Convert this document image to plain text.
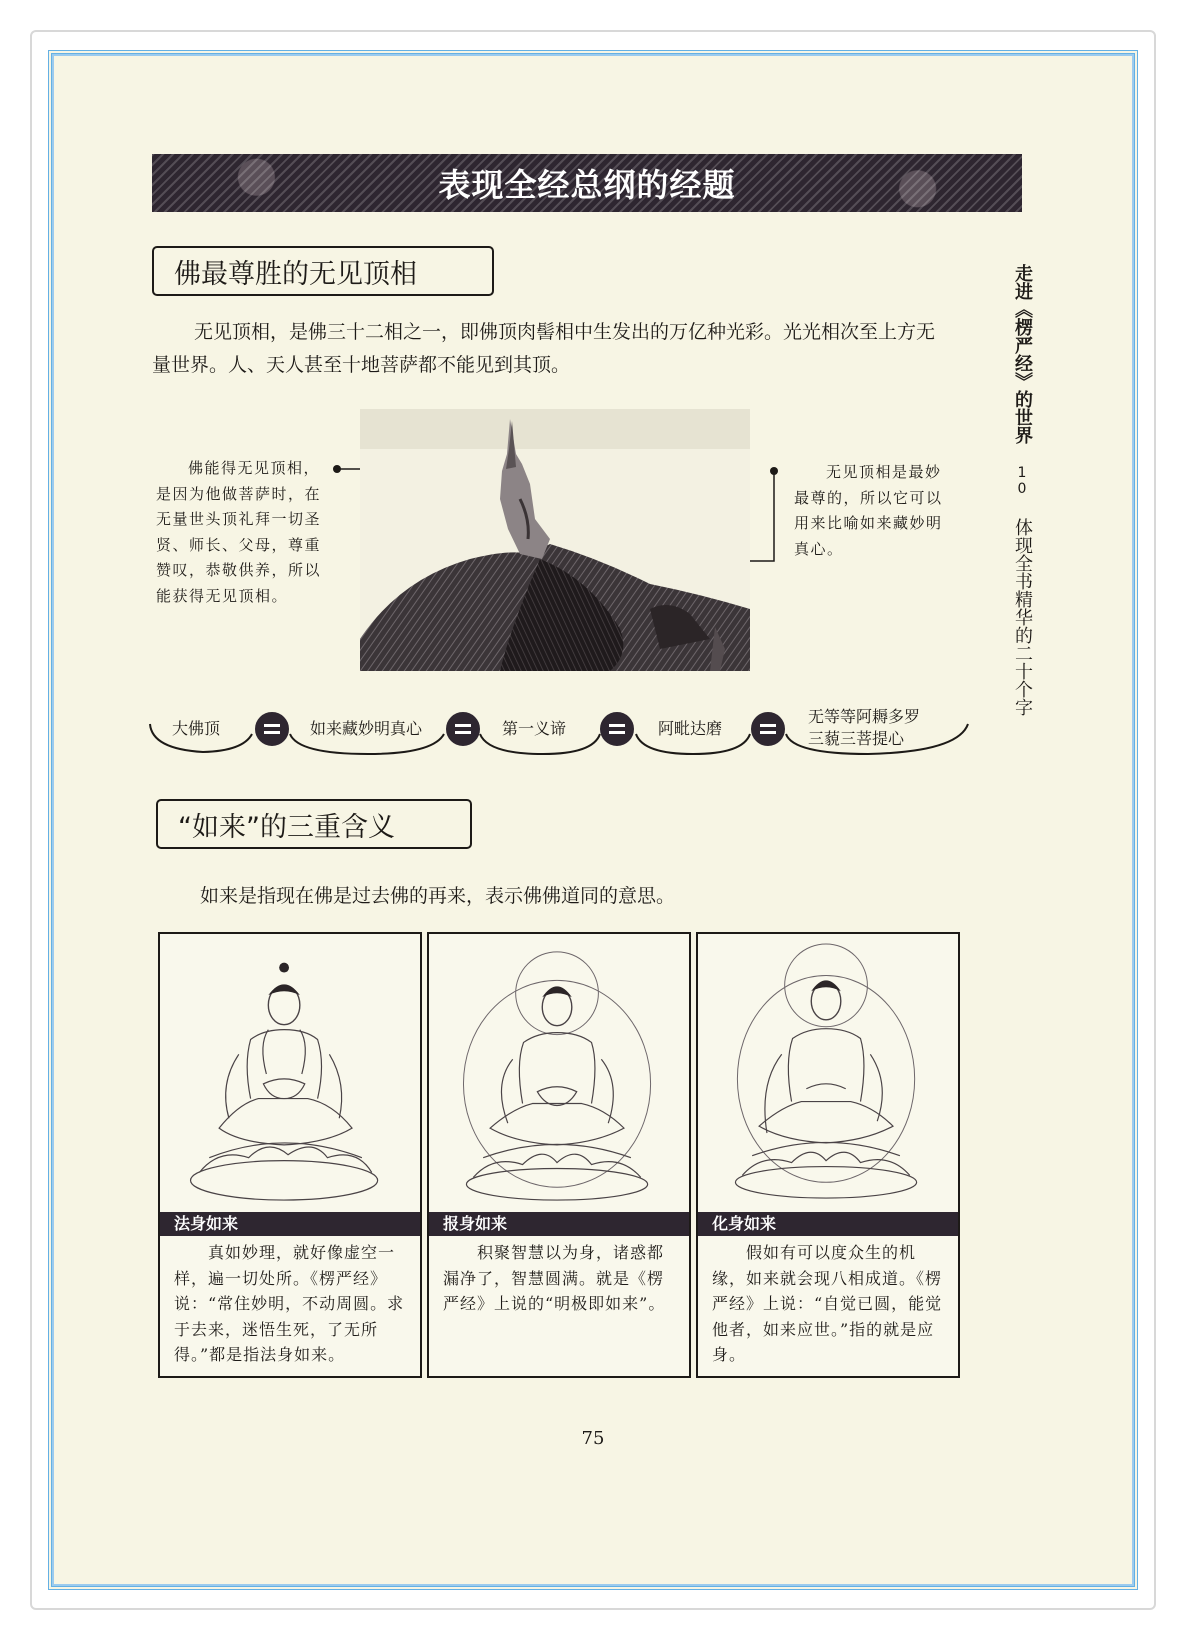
表现全经总纲的经题
佛最尊胜的无见顶相
无见顶相，是佛三十二相之一，即佛顶肉髻相中生发出的万亿种光彩。光光相次至上方无量世界。人、天人甚至十地菩萨都不能见到其顶。
佛能得无见顶相，是因为他做菩萨时，在无量世头顶礼拜一切圣贤、师长、父母，尊重赞叹，恭敬供养，所以能获得无见顶相。
无见顶相是最妙最尊的，所以它可以用来比喻如来藏妙明真心。
走进《楞严经》的世界 10 体现全书精华的二十个字
大佛顶	如来藏妙明真心	第一义谛	阿毗达磨
无等等阿耨多罗
三藐三菩提心
“如来”的三重含义
如来是指现在佛是过去佛的再来，表示佛佛道同的意思。
法身如来
真如妙理，就好像虚空一样，遍一切处所。《楞严经》说：“常住妙明，不动周圆。求于去来，迷悟生死，了无所得。”都是指法身如来。
报身如来
积聚智慧以为身，诸惑都漏净了，智慧圆满。就是《楞严经》上说的“明极即如来”。
化身如来
假如有可以度众生的机缘，如来就会现八相成道。《楞严经》上说：“自觉已圆，能觉他者，如来应世。”指的就是应身。
75
